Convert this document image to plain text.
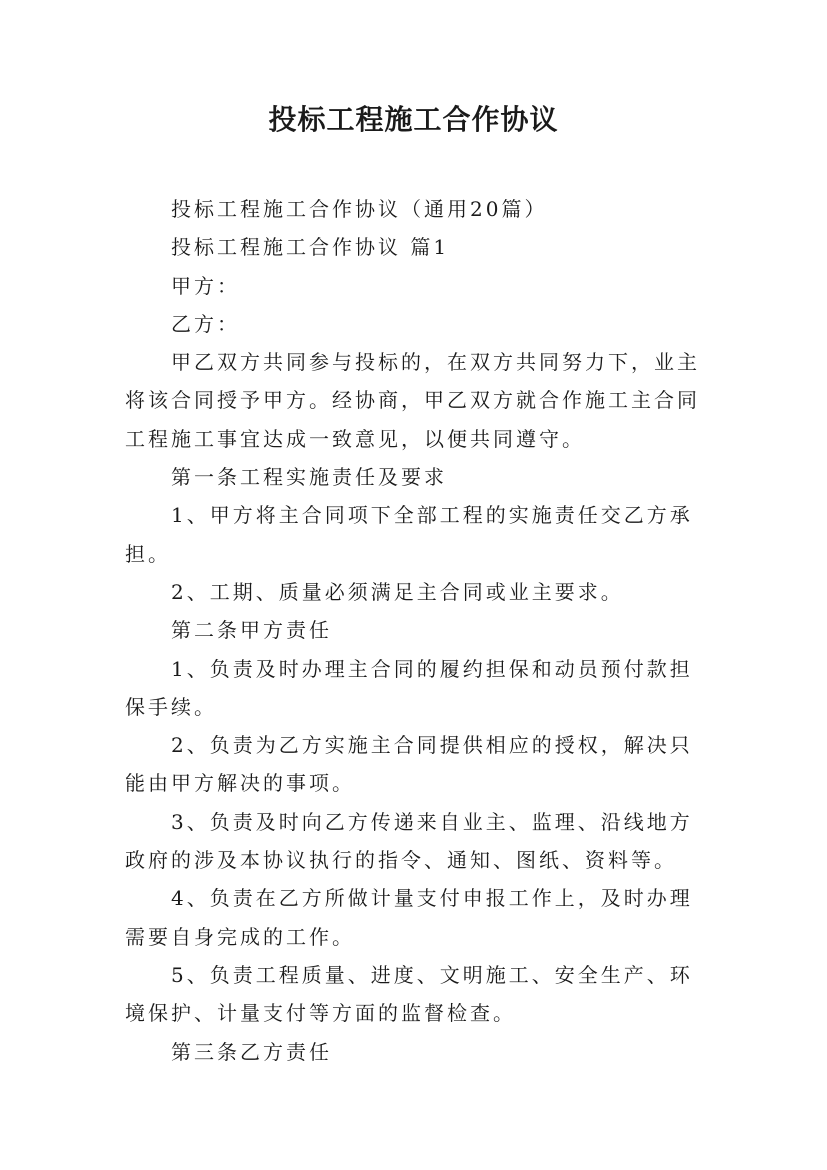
投标工程施工合作协议

投标工程施工合作协议（通用20篇）

投标工程施工合作协议 篇1

甲方：

乙方：

甲乙双方共同参与投标的，在双方共同努力下，业主将该合同授予甲方。经协商，甲乙双方就合作施工主合同工程施工事宜达成一致意见，以便共同遵守。

第一条工程实施责任及要求

1、甲方将主合同项下全部工程的实施责任交乙方承担。

2、工期、质量必须满足主合同或业主要求。

第二条甲方责任

1、负责及时办理主合同的履约担保和动员预付款担保手续。

2、负责为乙方实施主合同提供相应的授权，解决只能由甲方解决的事项。

3、负责及时向乙方传递来自业主、监理、沿线地方政府的涉及本协议执行的指令、通知、图纸、资料等。

4、负责在乙方所做计量支付申报工作上，及时办理需要自身完成的工作。

5、负责工程质量、进度、文明施工、安全生产、环境保护、计量支付等方面的监督检查。

第三条乙方责任
